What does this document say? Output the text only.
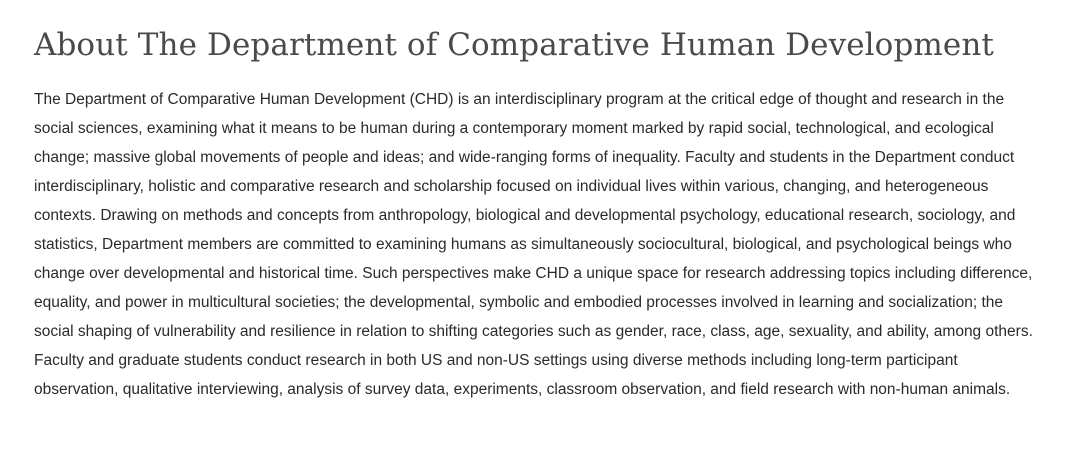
About The Department of Comparative Human Development

The Department of Comparative Human Development (CHD) is an interdisciplinary program at the critical edge of thought and research in the social sciences, examining what it means to be human during a contemporary moment marked by rapid social, technological, and ecological change; massive global movements of people and ideas; and wide-ranging forms of inequality. Faculty and students in the Department conduct interdisciplinary, holistic and comparative research and scholarship focused on individual lives within various, changing, and heterogeneous contexts. Drawing on methods and concepts from anthropology, biological and developmental psychology, educational research, sociology, and statistics, Department members are committed to examining humans as simultaneously sociocultural, biological, and psychological beings who change over developmental and historical time. Such perspectives make CHD a unique space for research addressing topics including difference, equality, and power in multicultural societies; the developmental, symbolic and embodied processes involved in learning and socialization; the social shaping of vulnerability and resilience in relation to shifting categories such as gender, race, class, age, sexuality, and ability, among others. Faculty and graduate students conduct research in both US and non-US settings using diverse methods including long-term participant observation, qualitative interviewing, analysis of survey data, experiments, classroom observation, and field research with non-human animals.
